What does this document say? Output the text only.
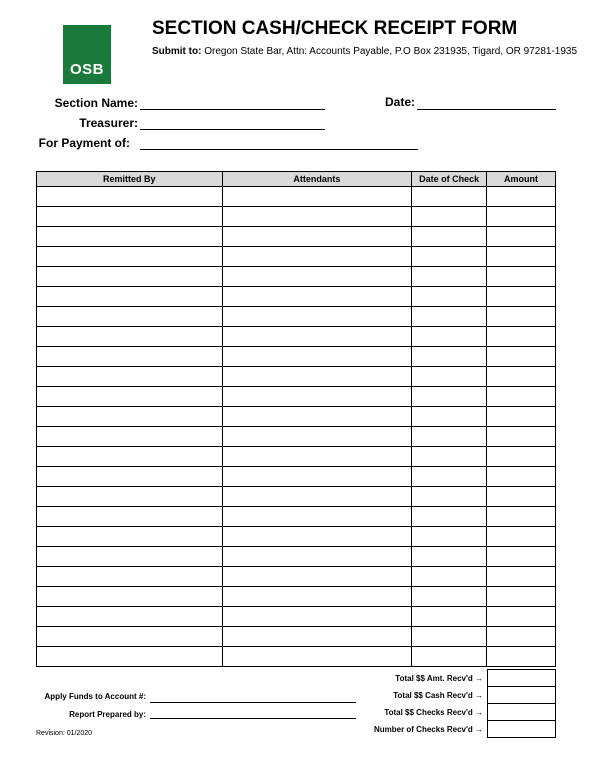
OSB
SECTION CASH/CHECK RECEIPT FORM
Submit to: Oregon State Bar, Attn: Accounts Payable, P.O Box 231935, Tigard, OR 97281-1935
Section Name:	Date:
Treasurer:
For Payment of:
Remitted By	Attendants	Date of Check	Amount

Total $$ Amt. Recv'd →
Total $$ Cash Recv'd →
Total $$ Checks Recv'd →
Number of Checks Recv'd →

Apply Funds to Account #:
Report Prepared by:
Revision: 01/2020
